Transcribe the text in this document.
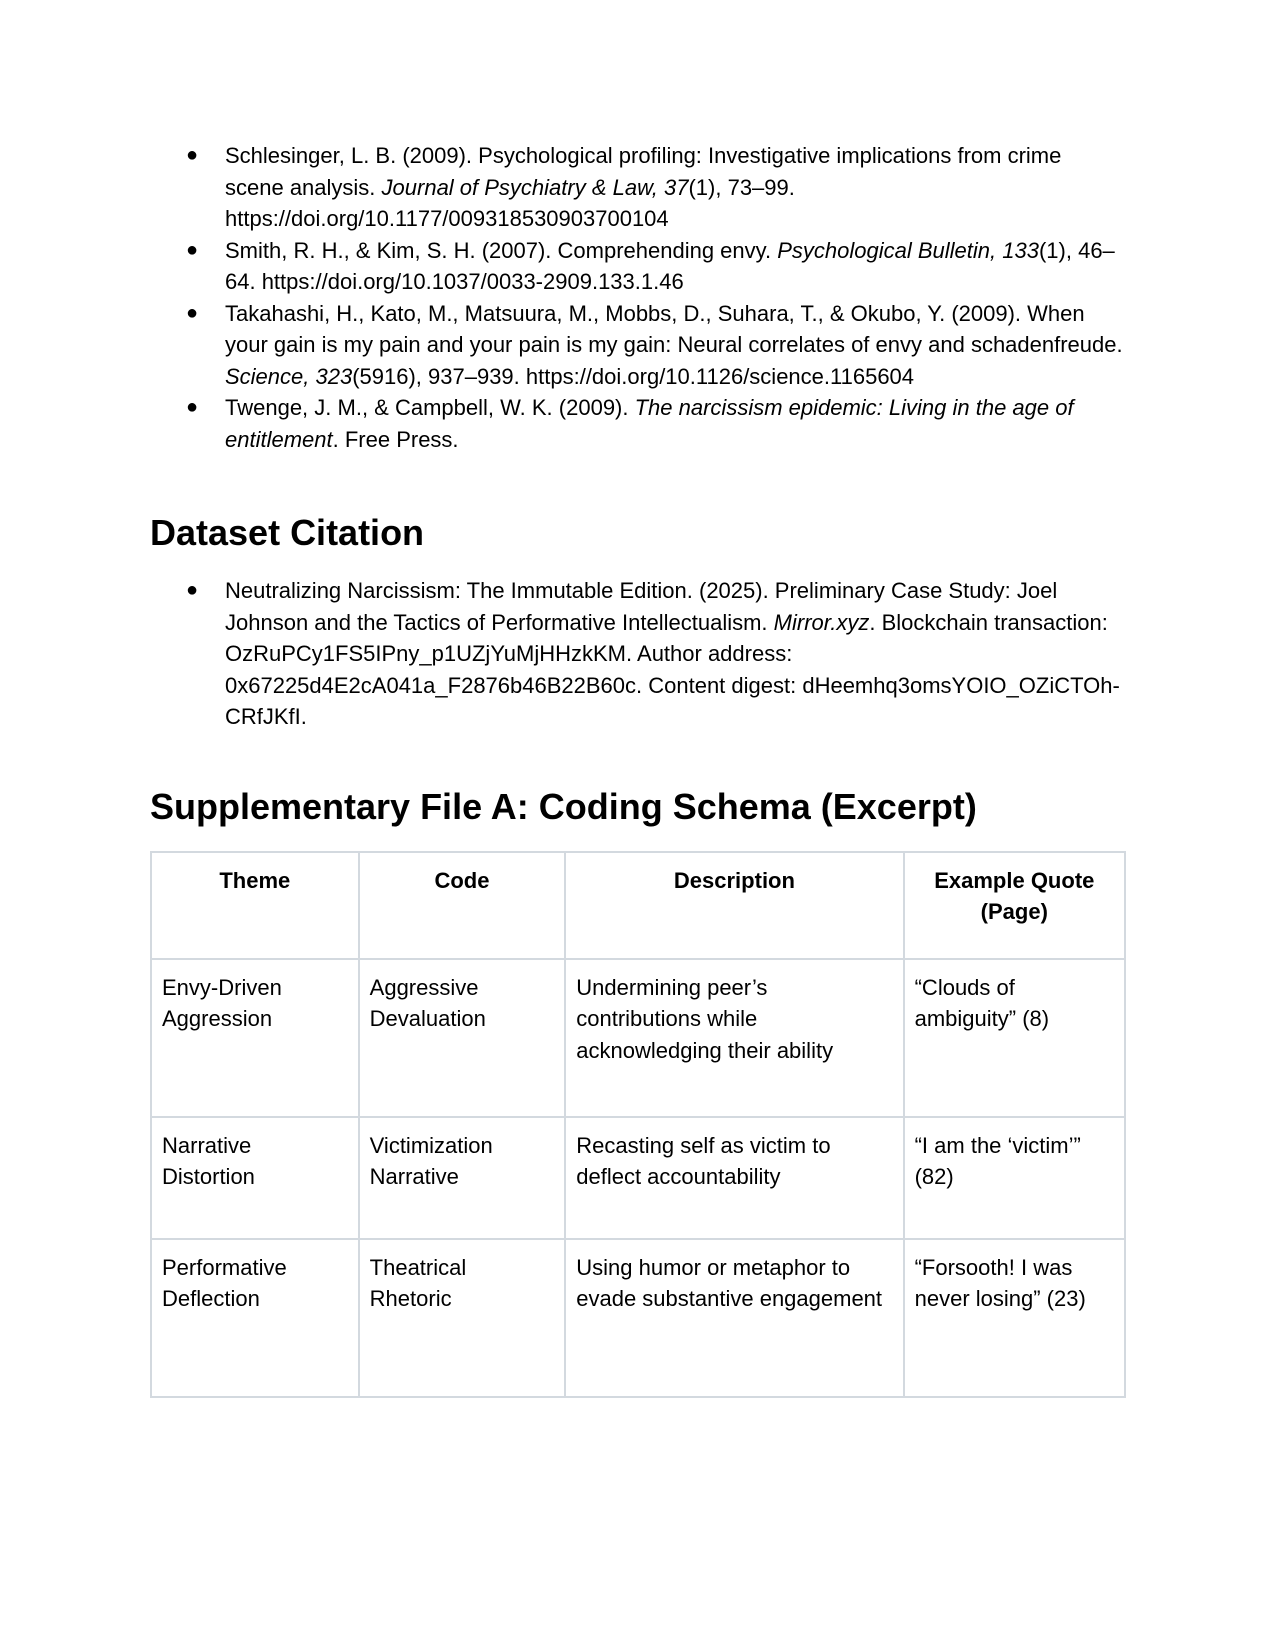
● Schlesinger, L. B. (2009). Psychological profiling: Investigative implications from crime scene analysis. Journal of Psychiatry & Law, 37(1), 73–99. https://doi.org/10.1177/009318530903700104
● Smith, R. H., & Kim, S. H. (2007). Comprehending envy. Psychological Bulletin, 133(1), 46–64. https://doi.org/10.1037/0033-2909.133.1.46
● Takahashi, H., Kato, M., Matsuura, M., Mobbs, D., Suhara, T., & Okubo, Y. (2009). When your gain is my pain and your pain is my gain: Neural correlates of envy and schadenfreude. Science, 323(5916), 937–939. https://doi.org/10.1126/science.1165604
● Twenge, J. M., & Campbell, W. K. (2009). The narcissism epidemic: Living in the age of entitlement. Free Press.
Dataset Citation
● Neutralizing Narcissism: The Immutable Edition. (2025). Preliminary Case Study: Joel Johnson and the Tactics of Performative Intellectualism. Mirror.xyz. Blockchain transaction: OzRuPCy1FS5IPny_p1UZjYuMjHHzkKM. Author address: 0x67225d4E2cA041a_F2876b46B22B60c. Content digest: dHeemhq3omsYOIO_OZiCTOh-CRfJKfI.
Supplementary File A: Coding Schema (Excerpt)
Theme	Code	Description	Example Quote (Page)
Envy-Driven Aggression	Aggressive Devaluation	Undermining peer’s contributions while acknowledging their ability	“Clouds of ambiguity” (8)
Narrative Distortion	Victimization Narrative	Recasting self as victim to deflect accountability	“I am the ‘victim’” (82)
Performative Deflection	Theatrical Rhetoric	Using humor or metaphor to evade substantive engagement	“Forsooth! I was never losing” (23)
